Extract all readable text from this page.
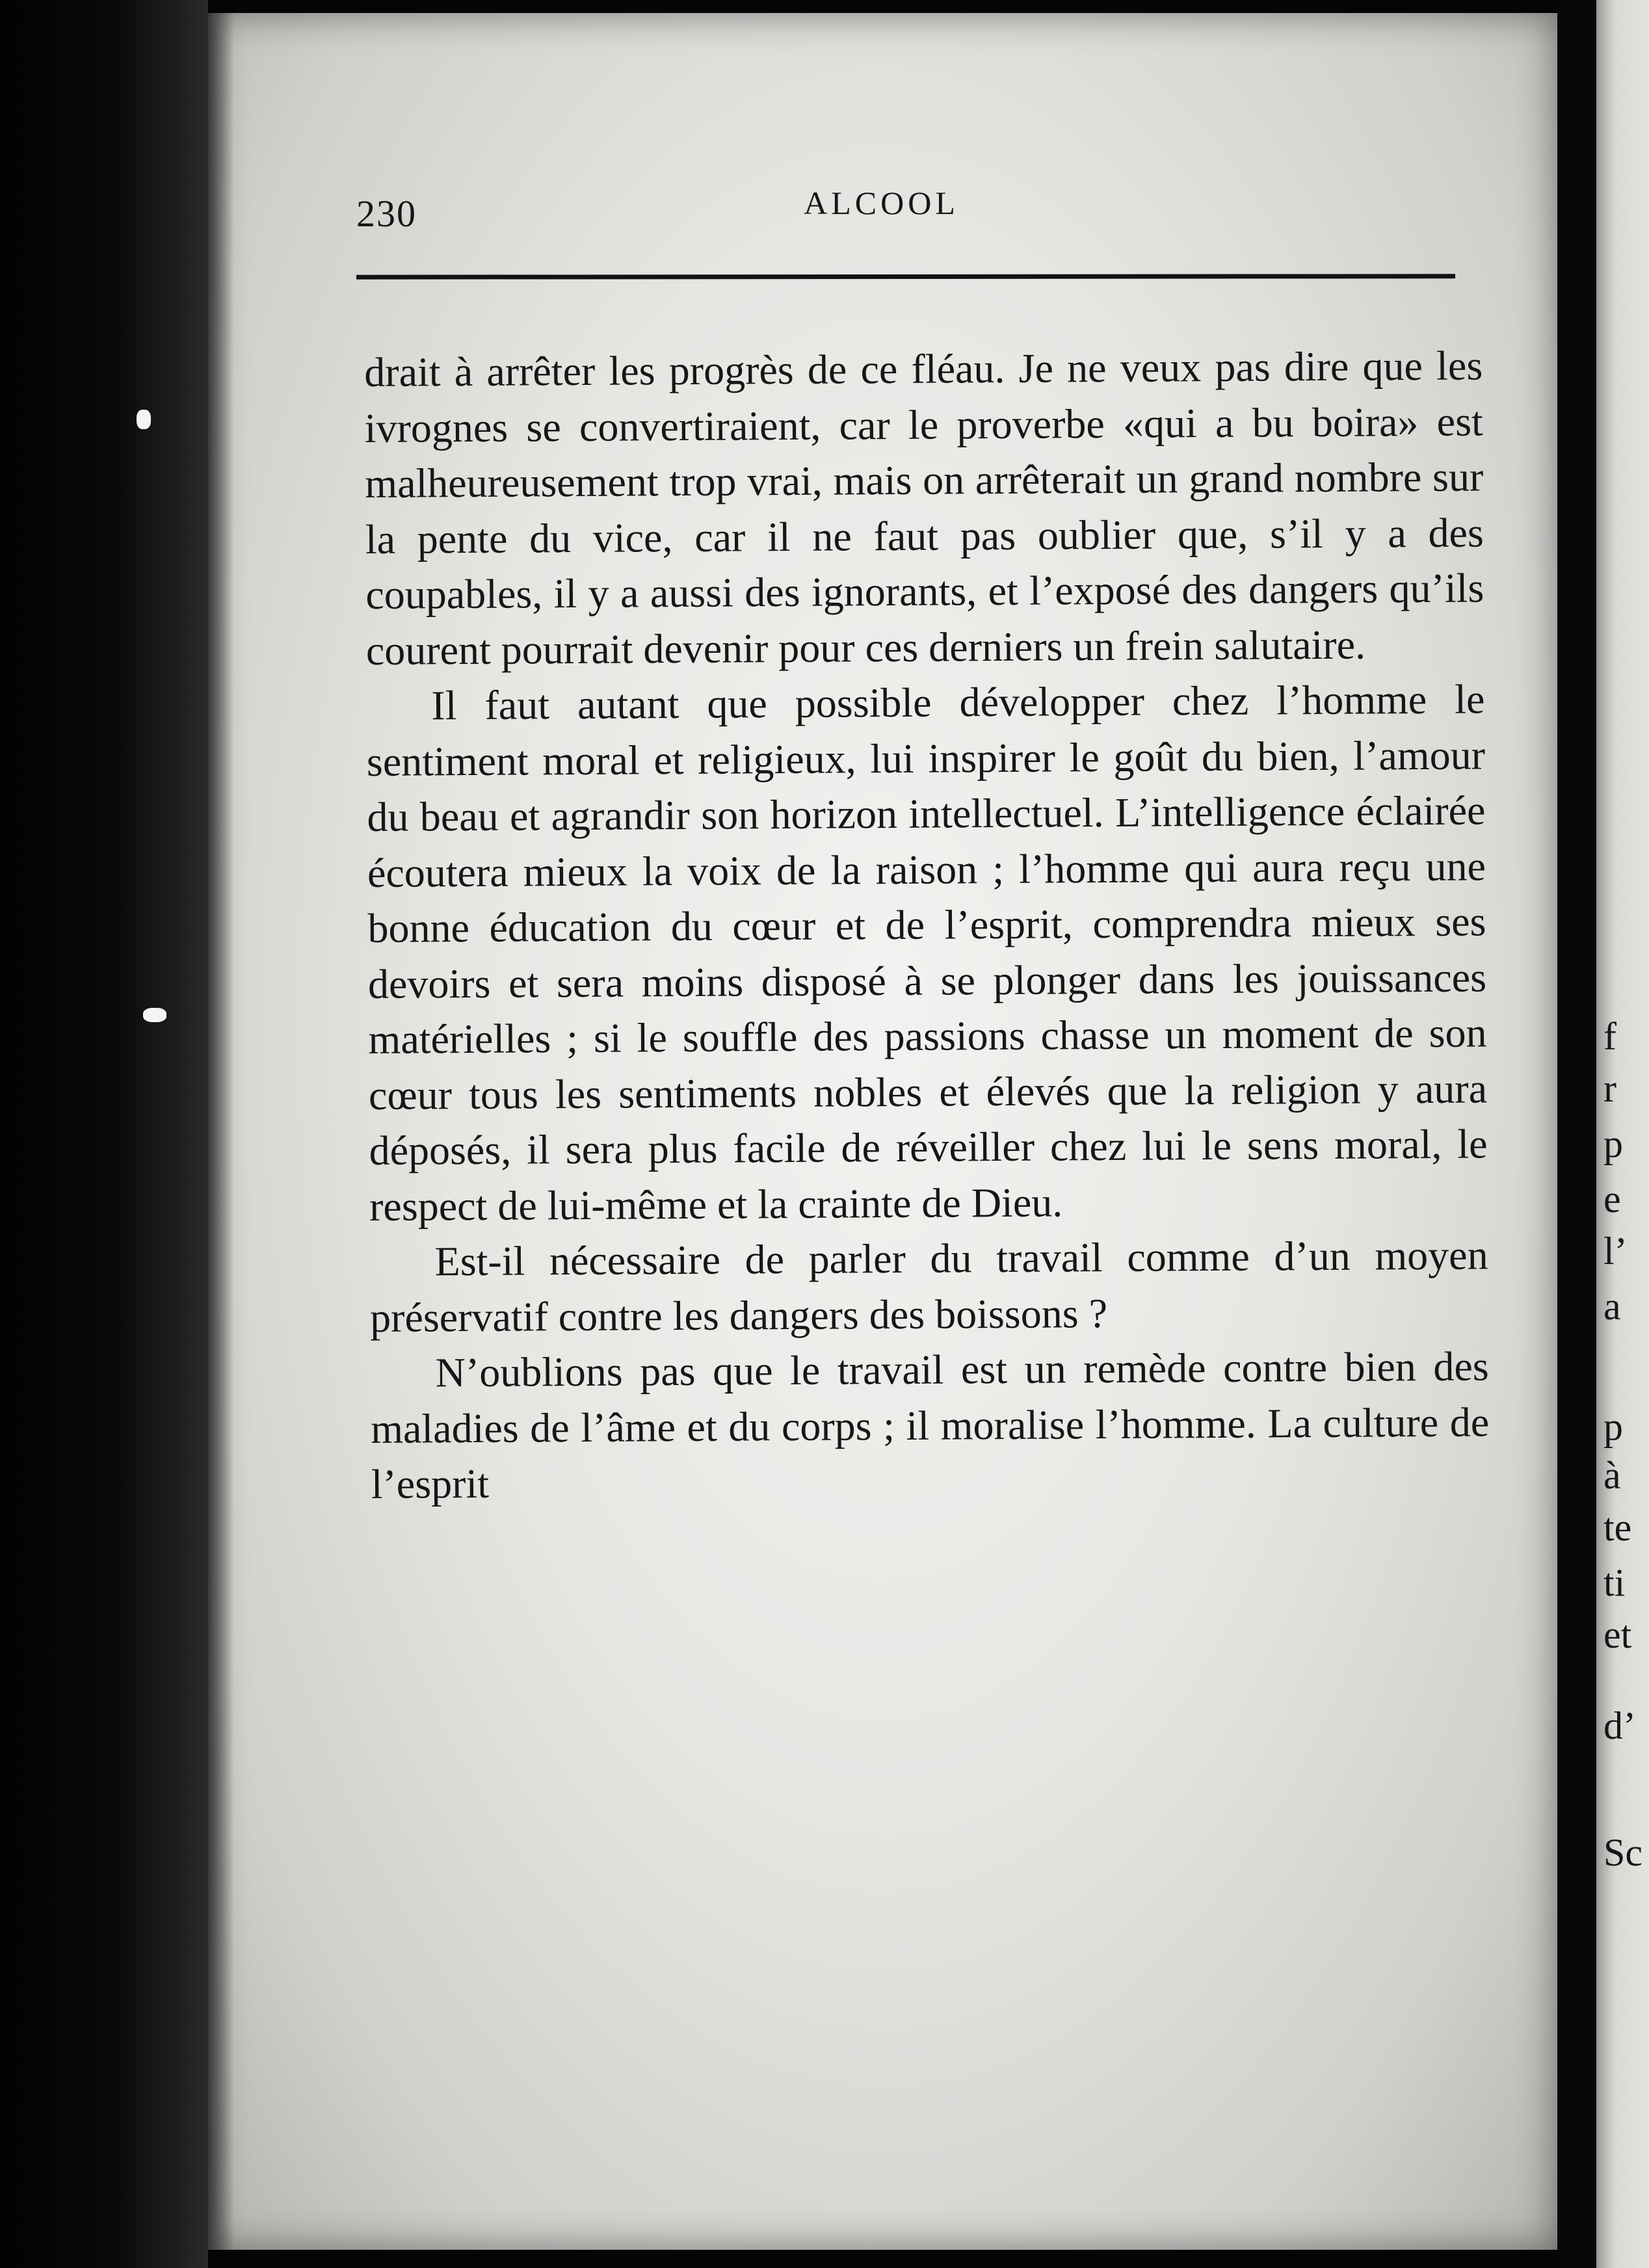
230	ALCOOL

drait à arrêter les progrès de ce fléau. Je ne veux pas dire que les ivrognes se convertiraient, car le proverbe «qui a bu boira» est malheureusement trop vrai, mais on arrêterait un grand nombre sur la pente du vice, car il ne faut pas oublier que, s’il y a des coupables, il y a aussi des ignorants, et l’exposé des dangers qu’ils courent pourrait devenir pour ces derniers un frein salutaire.

Il faut autant que possible développer chez l’homme le sentiment moral et religieux, lui inspirer le goût du bien, l’amour du beau et agrandir son horizon intellectuel. L’intelligence éclairée écoutera mieux la voix de la raison ; l’homme qui aura reçu une bonne éducation du cœur et de l’esprit, comprendra mieux ses devoirs et sera moins disposé à se plonger dans les jouissances matérielles ; si le souffle des passions chasse un moment de son cœur tous les sentiments nobles et élevés que la religion y aura déposés, il sera plus facile de réveiller chez lui le sens moral, le respect de lui-même et la crainte de Dieu.

Est-il nécessaire de parler du travail comme d’un moyen préservatif contre les dangers des boissons ?

N’oublions pas que le travail est un remède contre bien des maladies de l’âme et du corps ; il moralise l’homme. La culture de l’esprit

f
r
p
e
l’
a
p
à
te
ti
et
d’
Sc
